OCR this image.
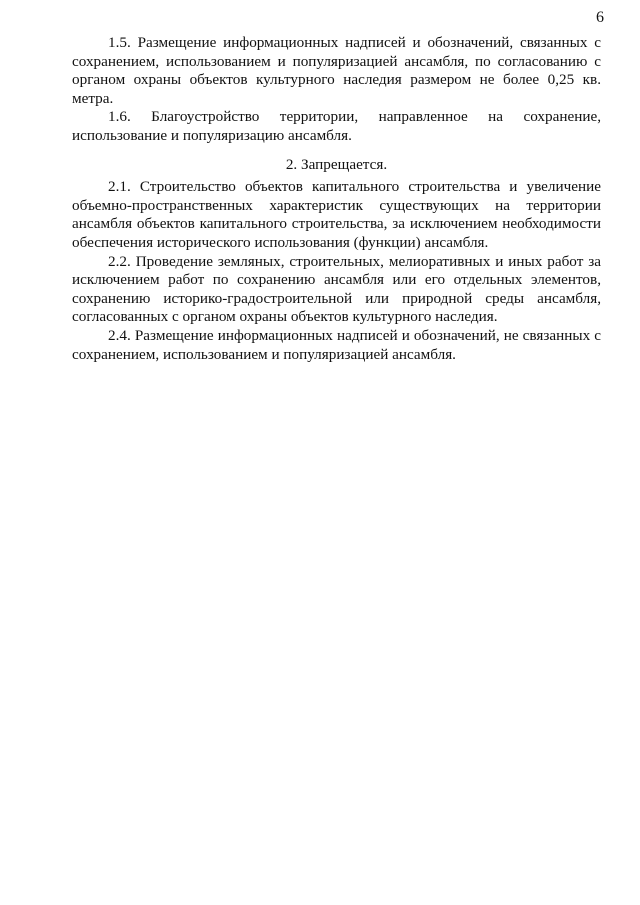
6

1.5. Размещение информационных надписей и обозначений, связанных с сохранением, использованием и популяризацией ансамбля, по согласованию с органом охраны объектов культурного наследия размером не более 0,25 кв. метра.

1.6. Благоустройство территории, направленное на сохранение, использование и популяризацию ансамбля.

2. Запрещается.

2.1. Строительство объектов капитального строительства и увеличение объемно-пространственных характеристик существующих на территории ансамбля объектов капитального строительства, за исключением необходимости обеспечения исторического использования (функции) ансамбля.

2.2. Проведение земляных, строительных, мелиоративных и иных работ за исключением работ по сохранению ансамбля или его отдельных элементов, сохранению историко-градостроительной или природной среды ансамбля, согласованных с органом охраны объектов культурного наследия.

2.4. Размещение информационных надписей и обозначений, не связанных с сохранением, использованием и популяризацией ансамбля.
